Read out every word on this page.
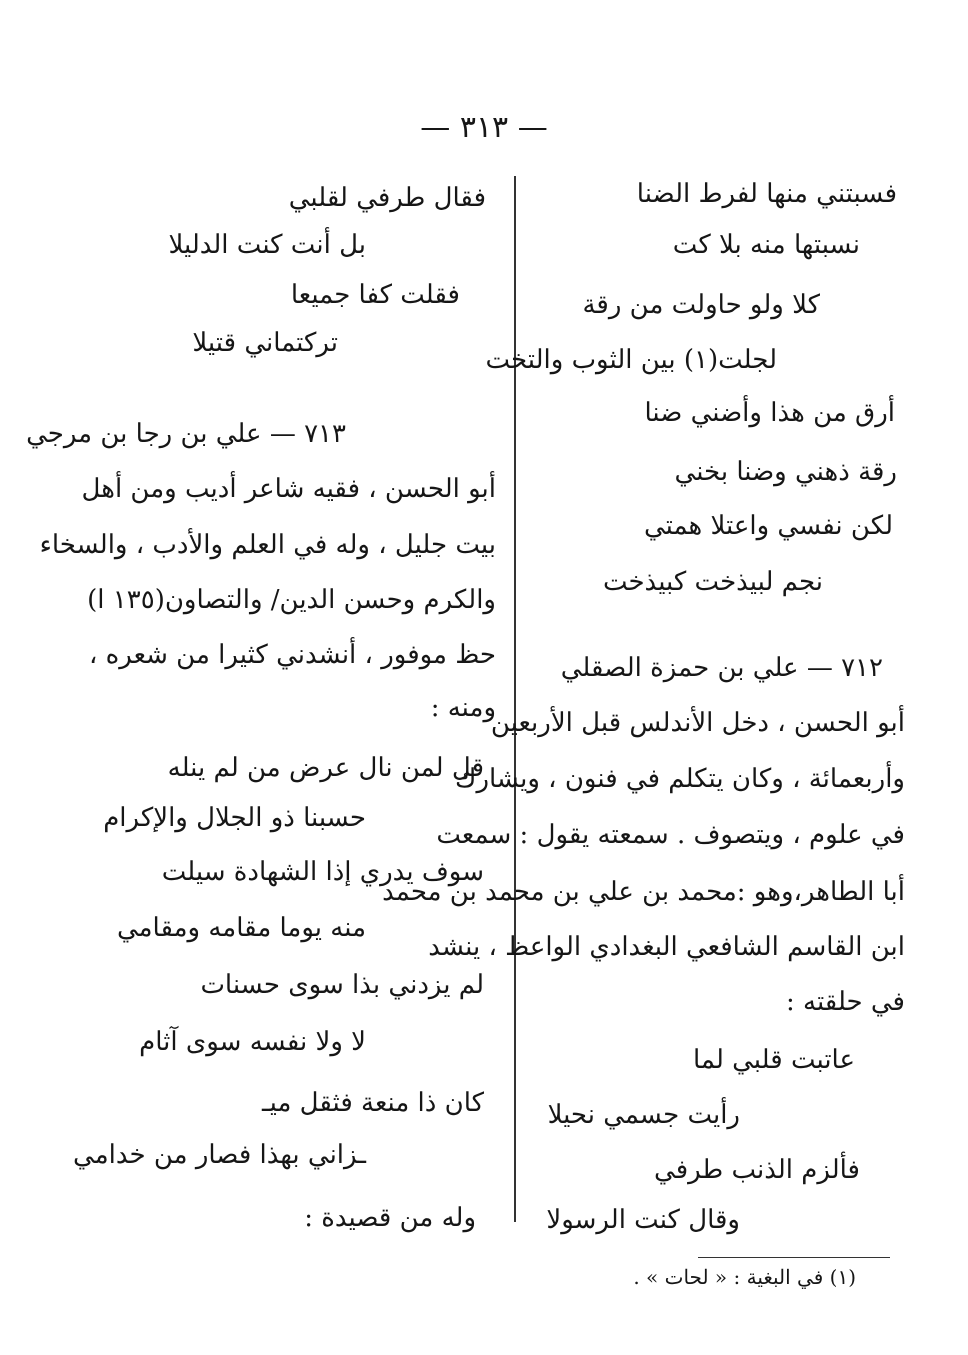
— ٣١٣ —
فسبتني منها لفرط الضنا
نسبتها منه بلا كت
كلا ولو حاولت من رقة
لجلت(١) بين الثوب والتخت
أرق من هذا وأضني ضنا
رقة ذهني وضنا بخني
لكن نفسي واعتلا همتي
نجم لبيذخت كبيذخت
٧١٢ — علي بن حمزة الصقلي
أبو الحسن ، دخل الأندلس قبل الأربعين
وأربعمائة ، وكان يتكلم في فنون ، ويشارك
في علوم ، ويتصوف . سمعته يقول : سمعت
أبا الطاهر،وهو :محمد بن علي بن محمد بن محمد
ابن القاسم الشافعي البغدادي الواعظ ، ينشد
في حلقته :
عاتبت قلبي لما
رأيت جسمي نحيلا
فألزم الذنب طرفي
وقال كنت الرسولا
فقال طرفي لقلبي
بل أنت كنت الدليلا
فقلت كفا جميعا
تركتماني قتيلا
٧١٣ — علي بن رجا بن مرجي
أبو الحسن ، فقيه شاعر أديب ومن أهل
بيت جليل ، وله في العلم والأدب ، والسخاء
والكرم وحسن الدين/ والتصاون(١٣٥ ا)
حظ موفور ، أنشدني كثيرا من شعره ،
ومنه :
قل لمن نال عرض من لم ينله
حسبنا ذو الجلال والإكرام
سوف يدري إذا الشهادة سيلت
منه يوما مقامه ومقامي
لم يزدني بذا سوى حسنات
لا ولا نفسه سوى آثام
كان ذا منعة فثقل ميـ
ـزاني بهذا فصار من خدامي
وله من قصيدة :
(١) في البغية : « لحات » .
